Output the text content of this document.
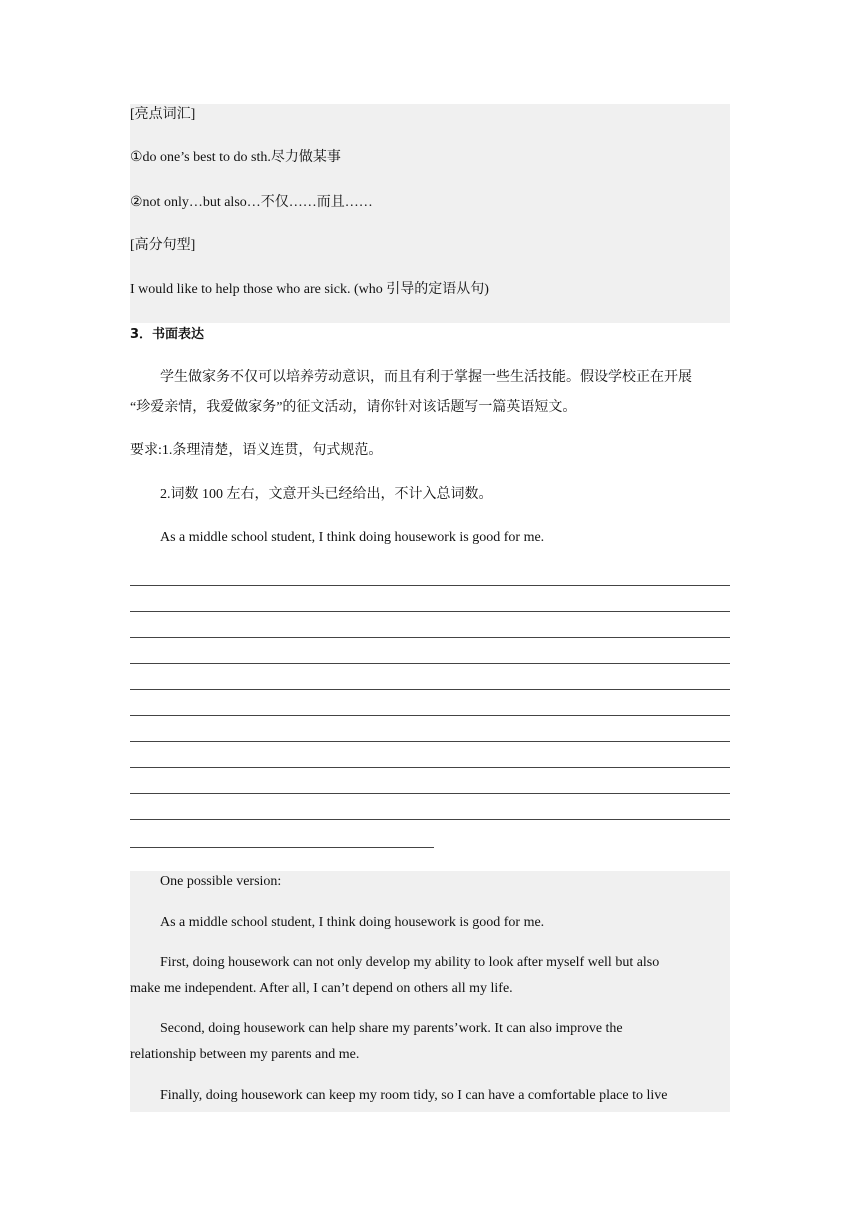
[亮点词汇]

①do one’s best to do sth.尽力做某事

②not only…but also…不仅……而且……

[高分句型]

I would like to help those who are sick. (who 引导的定语从句)

3．书面表达

学生做家务不仅可以培养劳动意识，而且有利于掌握一些生活技能。假设学校正在开展

“珍爱亲情，我爱做家务”的征文活动，请你针对该话题写一篇英语短文。

要求:1.条理清楚，语义连贯，句式规范。

2.词数 100 左右，文意开头已经给出，不计入总词数。

As a middle school student, I think doing housework is good for me.

One possible version:

As a middle school student, I think doing housework is good for me.

First, doing housework can not only develop my ability to look after myself well but also

make me independent. After all, I can’t depend on others all my life.

Second, doing housework can help share my parents’work. It can also improve the

relationship between my parents and me.

Finally, doing housework can keep my room tidy, so I can have a comfortable place to live
